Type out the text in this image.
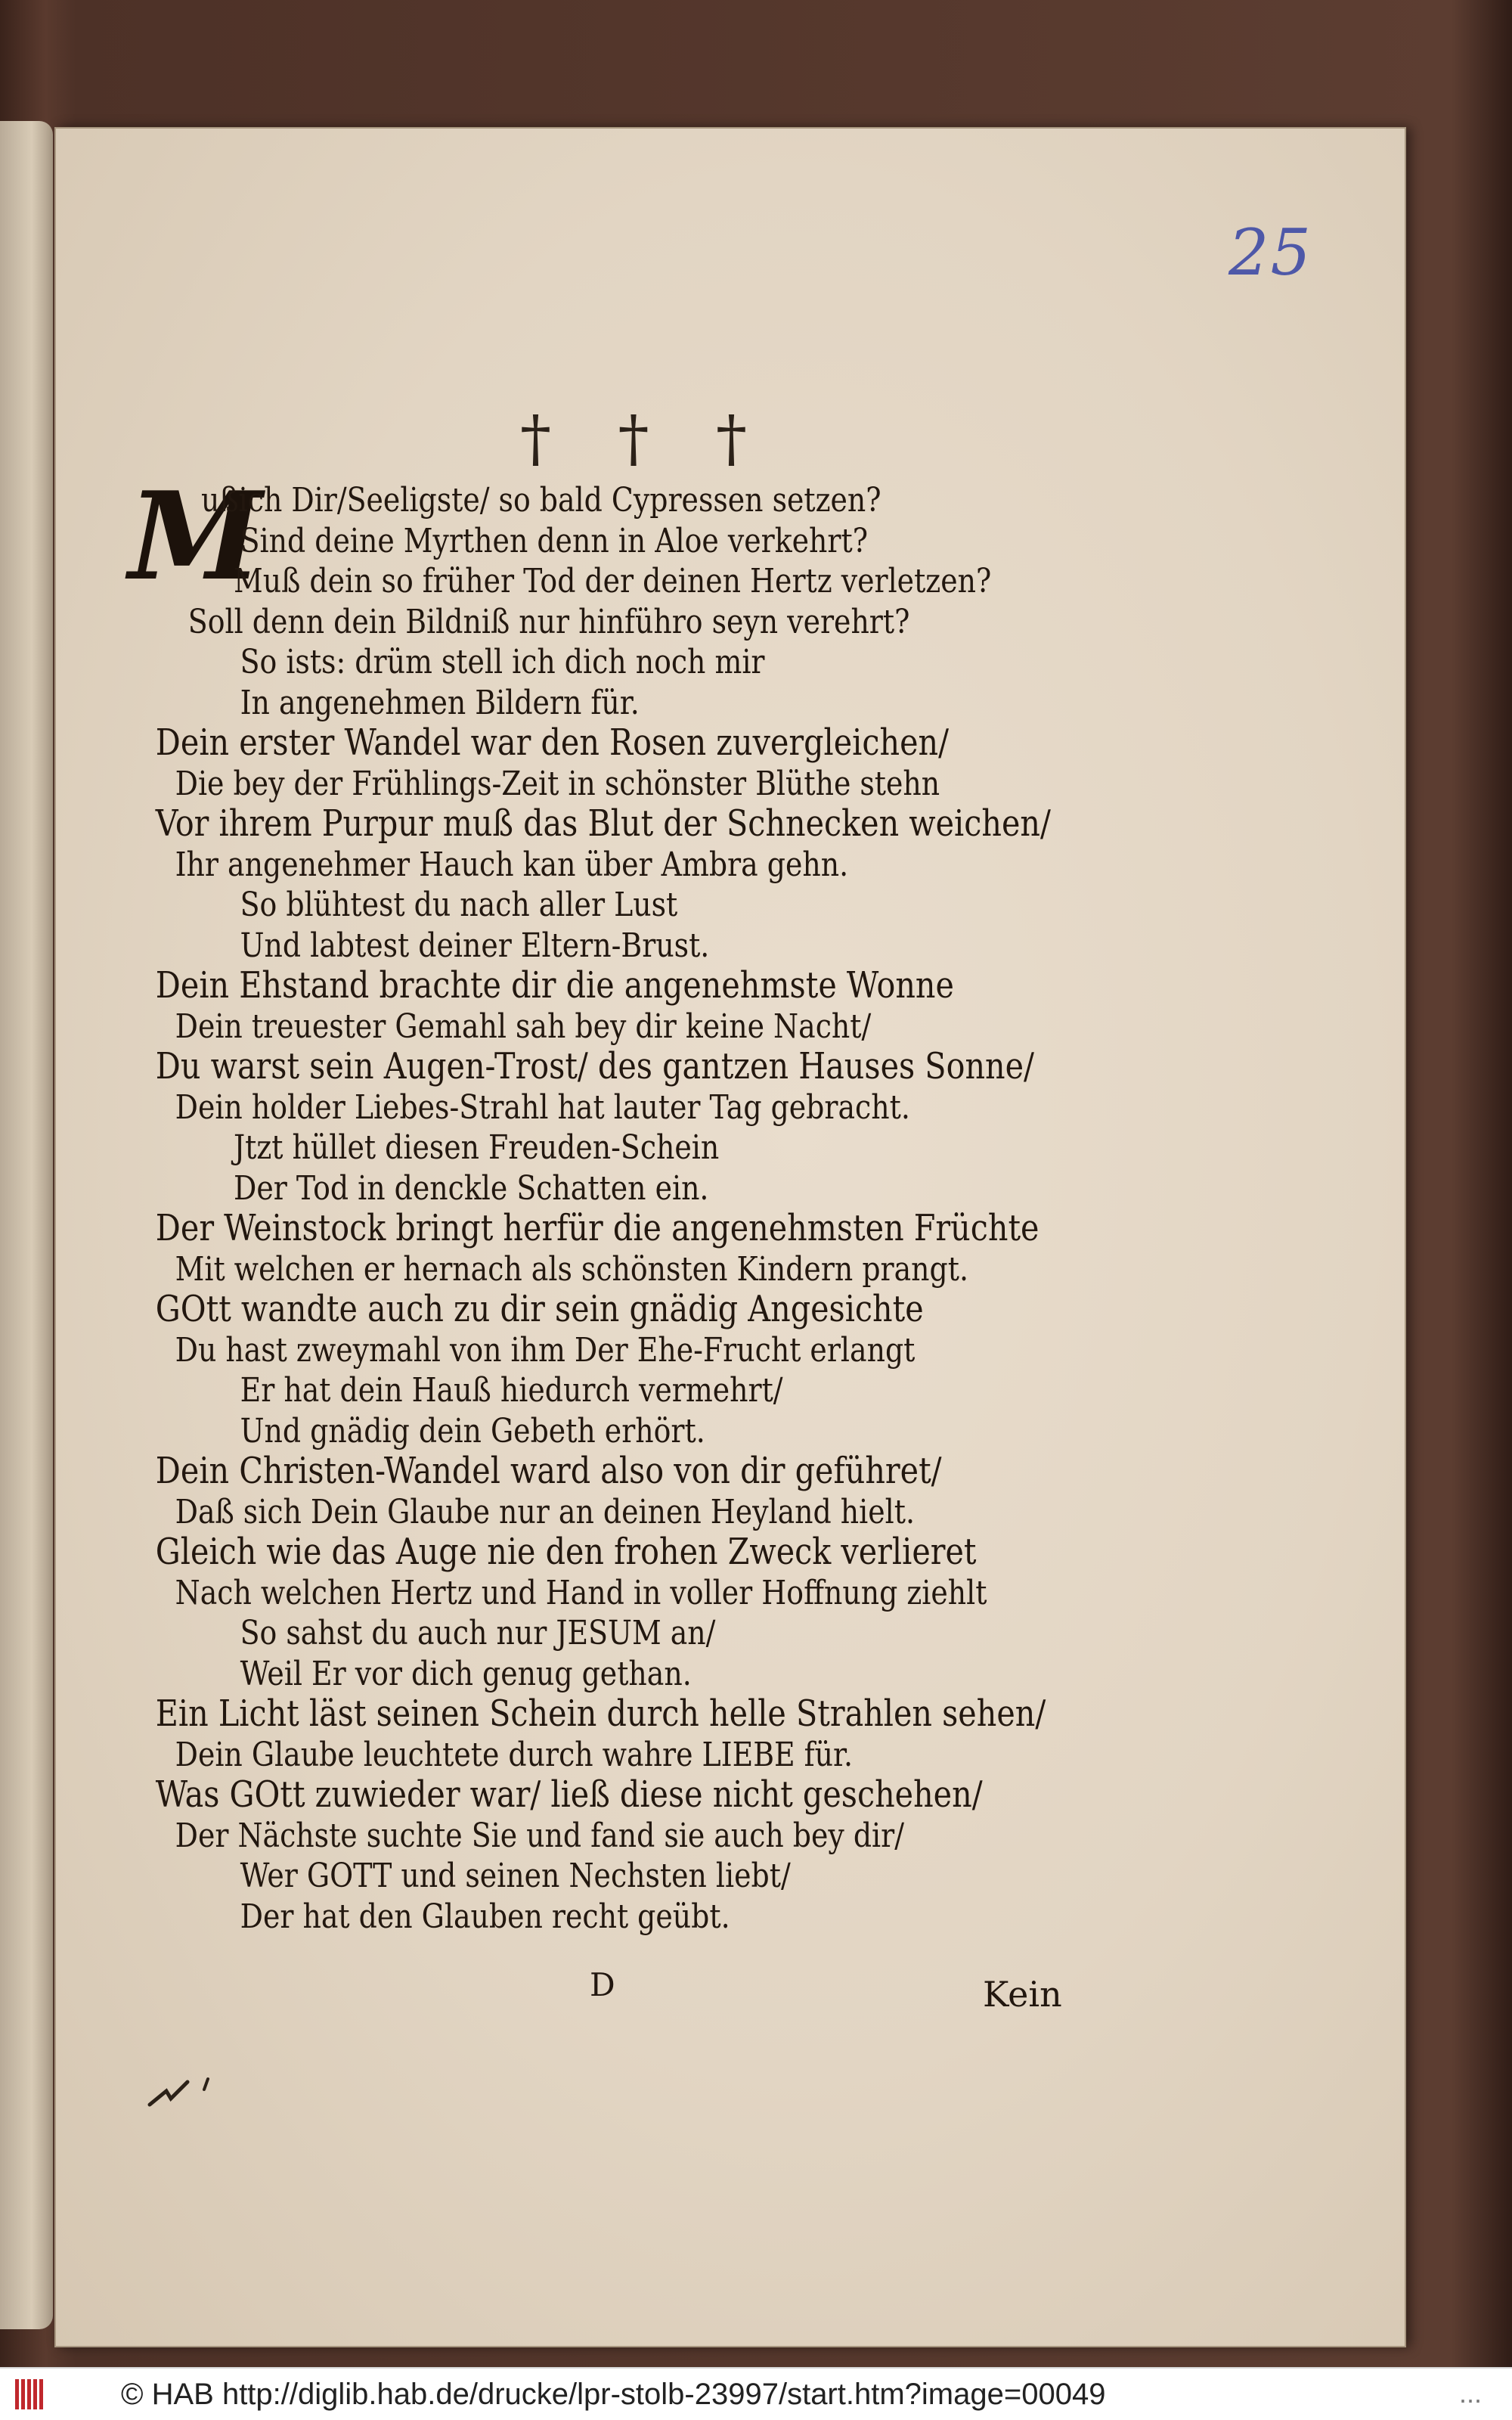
25
† † †
M
ußich Dir/Seeligste/ so bald Cypressen setzen?
Sind deine Myrthen denn in Aloe verkehrt?
Muß dein so früher Tod der deinen Hertz verletzen?
Soll denn dein Bildniß nur hinführo seyn verehrt?
So ists: drüm stell ich dich noch mir
In angenehmen Bildern für.
Dein erster Wandel war den Rosen zuvergleichen/
Die bey der Frühlings-Zeit in schönster Blüthe stehn
Vor ihrem Purpur muß das Blut der Schnecken weichen/
Ihr angenehmer Hauch kan über Ambra gehn.
So blühtest du nach aller Lust
Und labtest deiner Eltern-Brust.
Dein Ehstand brachte dir die angenehmste Wonne
Dein treuester Gemahl sah bey dir keine Nacht/
Du warst sein Augen-Trost/ des gantzen Hauses Sonne/
Dein holder Liebes-Strahl hat lauter Tag gebracht.
Jtzt hüllet diesen Freuden-Schein
Der Tod in denckle Schatten ein.
Der Weinstock bringt herfür die angenehmsten Früchte
Mit welchen er hernach als schönsten Kindern prangt.
GOtt wandte auch zu dir sein gnädig Angesichte
Du hast zweymahl von ihm Der Ehe-Frucht erlangt
Er hat dein Hauß hiedurch vermehrt/
Und gnädig dein Gebeth erhört.
Dein Christen-Wandel ward also von dir geführet/
Daß sich Dein Glaube nur an deinen Heyland hielt.
Gleich wie das Auge nie den frohen Zweck verlieret
Nach welchen Hertz und Hand in voller Hoffnung ziehlt
So sahst du auch nur JESUM an/
Weil Er vor dich genug gethan.
Ein Licht läst seinen Schein durch helle Strahlen sehen/
Dein Glaube leuchtete durch wahre LIEBE für.
Was GOtt zuwieder war/ ließ diese nicht geschehen/
Der Nächste suchte Sie und fand sie auch bey dir/
Wer GOTT und seinen Nechsten liebt/
Der hat den Glauben recht geübt.
D	Kein
© HAB http://diglib.hab.de/drucke/lpr-stolb-23997/start.htm?image=00049	...
